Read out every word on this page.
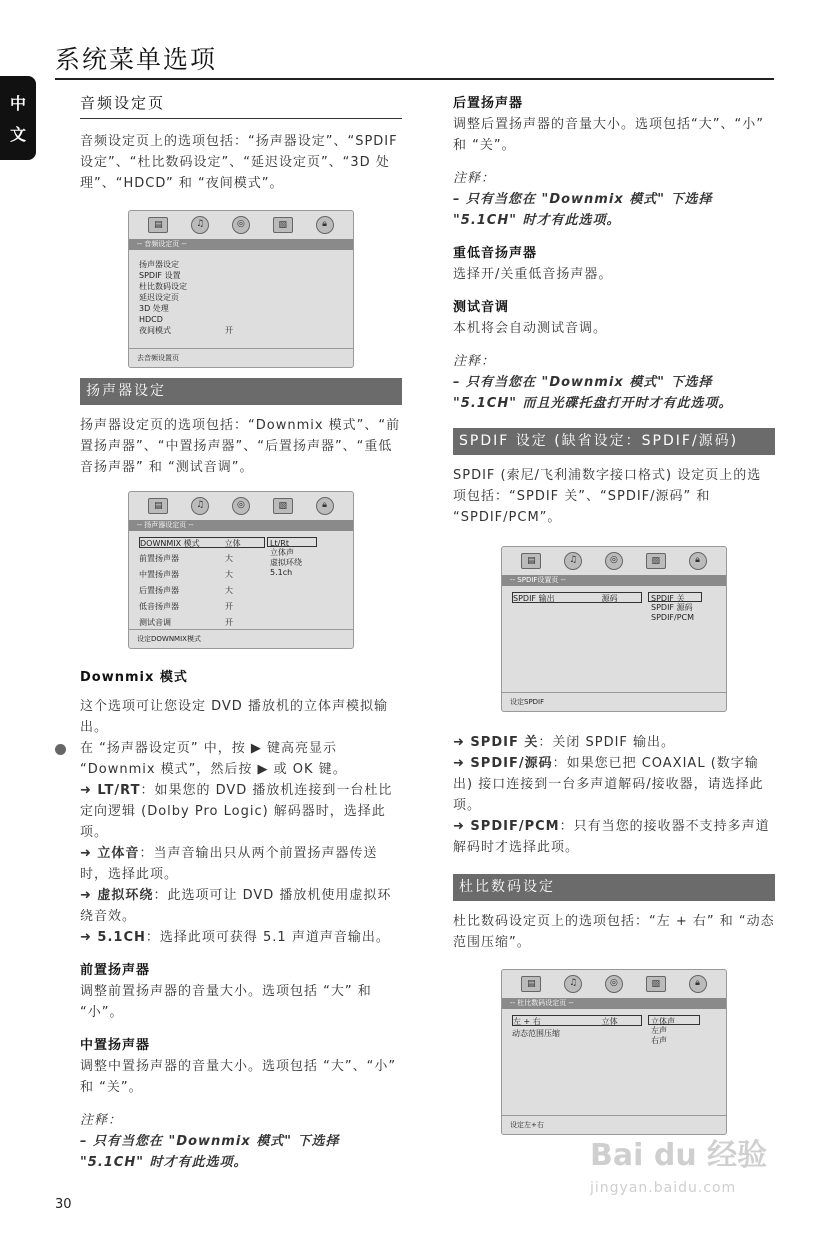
系统菜单选项
中
文
音频设定页

音频设定页上的选项包括：“扬声器设定”、“SPDIF 设定”、“杜比数码设定”、“延迟设定页”、“3D 处理”、“HDCD” 和 “夜间模式”。

▤	♫	◎	▧	🔒︎
-- 音频设定页 --
扬声器设定
SPDIF 设置
杜比数码设定
延迟设定页
3D 处理
HDCD
夜间模式	开
去音频设置页
扬声器设定

扬声器设定页的选项包括：“Downmix 模式”、“前置扬声器”、“中置扬声器”、“后置扬声器”、“重低音扬声器” 和 “测试音调”。

▤	♫	◎	▧	🔒︎
-- 扬声器设定页 --
DOWNMIX 模式	立体
前置扬声器	大
中置扬声器	大
后置扬声器	大
低音扬声器	开
测试音调	开
Lt/Rt
立体声
虚拟环绕
5.1ch
设定DOWNMIX模式
Downmix 模式

这个选项可让您设定 DVD 播放机的立体声模拟输出。

在 “扬声器设定页” 中，按 ▶ 键高亮显示 “Downmix 模式”，然后按 ▶ 或 OK 键。

➜ LT/RT：如果您的 DVD 播放机连接到一台杜比定向逻辑 (Dolby Pro Logic) 解码器时，选择此项。

➜ 立体音：当声音输出只从两个前置扬声器传送时，选择此项。

➜ 虚拟环绕：此选项可让 DVD 播放机使用虚拟环绕音效。

➜ 5.1CH：选择此项可获得 5.1 声道声音输出。

前置扬声器

调整前置扬声器的音量大小。选项包括 “大” 和 “小”。

中置扬声器

调整中置扬声器的音量大小。选项包括 “大”、“小” 和 “关”。

注释：

– 只有当您在 "Downmix 模式" 下选择 "5.1CH" 时才有此选项。

后置扬声器

调整后置扬声器的音量大小。选项包括“大”、“小” 和 “关”。

注释：

– 只有当您在 "Downmix 模式" 下选择 "5.1CH" 时才有此选项。

重低音扬声器

选择开/关重低音扬声器。

测试音调

本机将会自动测试音调。

注释：

– 只有当您在 "Downmix 模式" 下选择 "5.1CH" 而且光碟托盘打开时才有此选项。

SPDIF 设定 (缺省设定：SPDIF/源码)

SPDIF (索尼/飞利浦数字接口格式) 设定页上的选项包括：“SPDIF 关”、“SPDIF/源码” 和 “SPDIF/PCM”。

▤	♫	◎	▧	🔒︎
-- SPDIF设置页 --
SPDIF 输出	源码	SPDIF 关
SPDIF 源码
SPDIF/PCM
设定SPDIF

➜ SPDIF 关：关闭 SPDIF 输出。

➜ SPDIF/源码：如果您已把 COAXIAL (数字输出) 接口连接到一台多声道解码/接收器，请选择此项。

➜ SPDIF/PCM：只有当您的接收器不支持多声道解码时才选择此项。

杜比数码设定

杜比数码设定页上的选项包括：“左 + 右” 和 “动态范围压缩”。

▤	♫	◎	▧	🔒︎
-- 杜比数码设定页 --
左 + 右	立体
动态范围压缩
立体声
左声
右声
设定左+右
Bai du 经验
jingyan.baidu.com
30
